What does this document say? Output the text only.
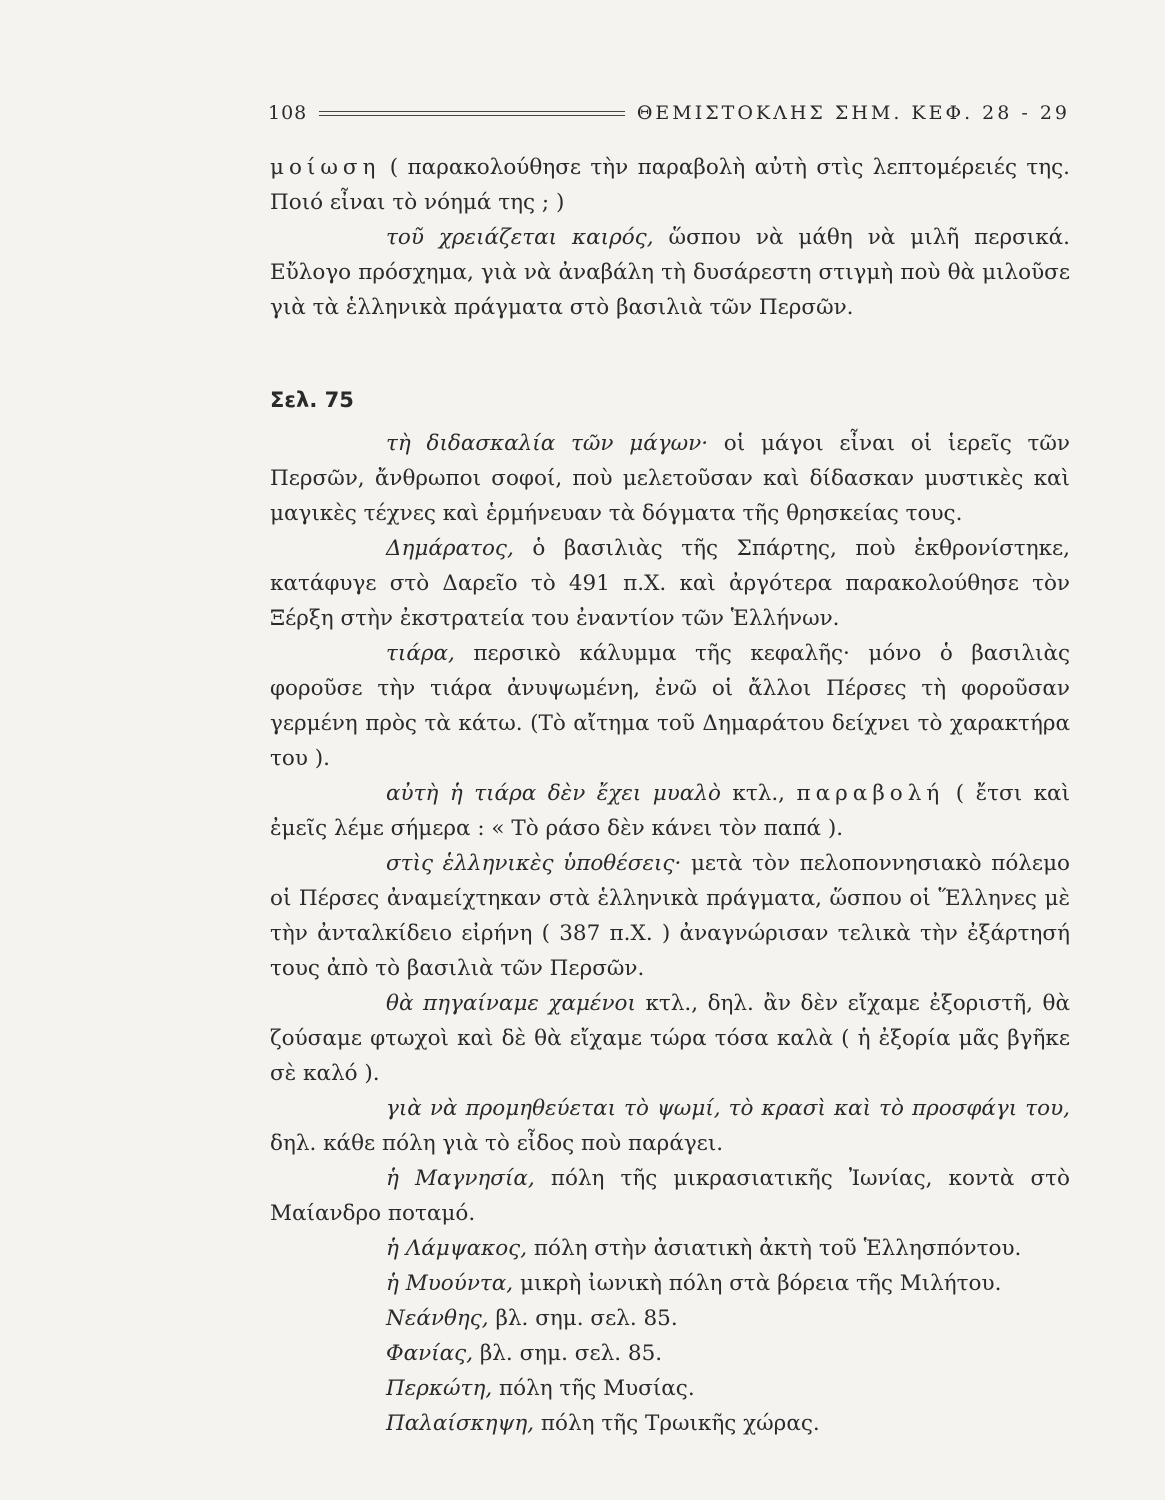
108	ΘΕΜΙΣΤΟΚΛΗΣ ΣΗΜ. ΚΕΦ. 28 - 29

μοίωση ( παρακολούθησε τὴν παραβολὴ αὐτὴ στὶς λεπτομέρειές της. Ποιό εἶναι τὸ νόημά της ; )

τοῦ χρειάζεται καιρός, ὥσπου νὰ μάθη νὰ μιλῆ περσικά. Εὔλογο πρόσχημα, γιὰ νὰ ἀναβάλη τὴ δυσάρεστη στιγμὴ ποὺ θὰ μιλοῦσε γιὰ τὰ ἑλληνικὰ πράγματα στὸ βασιλιὰ τῶν Περσῶν.

Σελ. 75

τὴ διδασκαλία τῶν μάγων· οἱ μάγοι εἶναι οἱ ἱερεῖς τῶν Περσῶν, ἄνθρωποι σοφοί, ποὺ μελετοῦσαν καὶ δίδασκαν μυστικὲς καὶ μαγικὲς τέχνες καὶ ἑρμήνευαν τὰ δόγματα τῆς θρησκείας τους.

Δημάρατος, ὁ βασιλιὰς τῆς Σπάρτης, ποὺ ἐκθρονίστηκε, κατάφυγε στὸ Δαρεῖο τὸ 491 π.Χ. καὶ ἀργότερα παρακολούθησε τὸν Ξέρξη στὴν ἐκστρατεία του ἐναντίον τῶν Ἑλλήνων.

τιάρα, περσικὸ κάλυμμα τῆς κεφαλῆς· μόνο ὁ βασιλιὰς φοροῦσε τὴν τιάρα ἀνυψωμένη, ἐνῶ οἱ ἄλλοι Πέρσες τὴ φοροῦσαν γερμένη πρὸς τὰ κάτω. (Τὸ αἴτημα τοῦ Δημαράτου δείχνει τὸ χαρακτήρα του ).

αὐτὴ ἡ τιάρα δὲν ἔχει μυαλὸ κτλ., παραβολή ( ἔτσι καὶ ἐμεῖς λέμε σήμερα : « Τὸ ράσο δὲν κάνει τὸν παπά ).

στὶς ἑλληνικὲς ὑποθέσεις· μετὰ τὸν πελοποννησιακὸ πόλεμο οἱ Πέρσες ἀναμείχτηκαν στὰ ἑλληνικὰ πράγματα, ὥσπου οἱ Ἕλληνες μὲ τὴν ἀνταλκίδειο εἰρήνη ( 387 π.Χ. ) ἀναγνώρισαν τελικὰ τὴν ἐξάρτησή τους ἀπὸ τὸ βασιλιὰ τῶν Περσῶν.

θὰ πηγαίναμε χαμένοι κτλ., δηλ. ἂν δὲν εἴχαμε ἐξοριστῆ, θὰ ζούσαμε φτωχοὶ καὶ δὲ θὰ εἴχαμε τώρα τόσα καλὰ ( ἡ ἐξορία μᾶς βγῆκε σὲ καλό ).

γιὰ νὰ προμηθεύεται τὸ ψωμί, τὸ κρασὶ καὶ τὸ προσφάγι του, δηλ. κάθε πόλη γιὰ τὸ εἶδος ποὺ παράγει.

ἡ Μαγνησία, πόλη τῆς μικρασιατικῆς Ἰωνίας, κοντὰ στὸ Μαίανδρο ποταμό.

ἡ Λάμψακος, πόλη στὴν ἀσιατικὴ ἀκτὴ τοῦ Ἑλλησπόντου.

ἡ Μυούντα, μικρὴ ἰωνικὴ πόλη στὰ βόρεια τῆς Μιλήτου.

Νεάνθης, βλ. σημ. σελ. 85.

Φανίας, βλ. σημ. σελ. 85.

Περκώτη, πόλη τῆς Μυσίας.

Παλαίσκηψη, πόλη τῆς Τρωικῆς χώρας.
